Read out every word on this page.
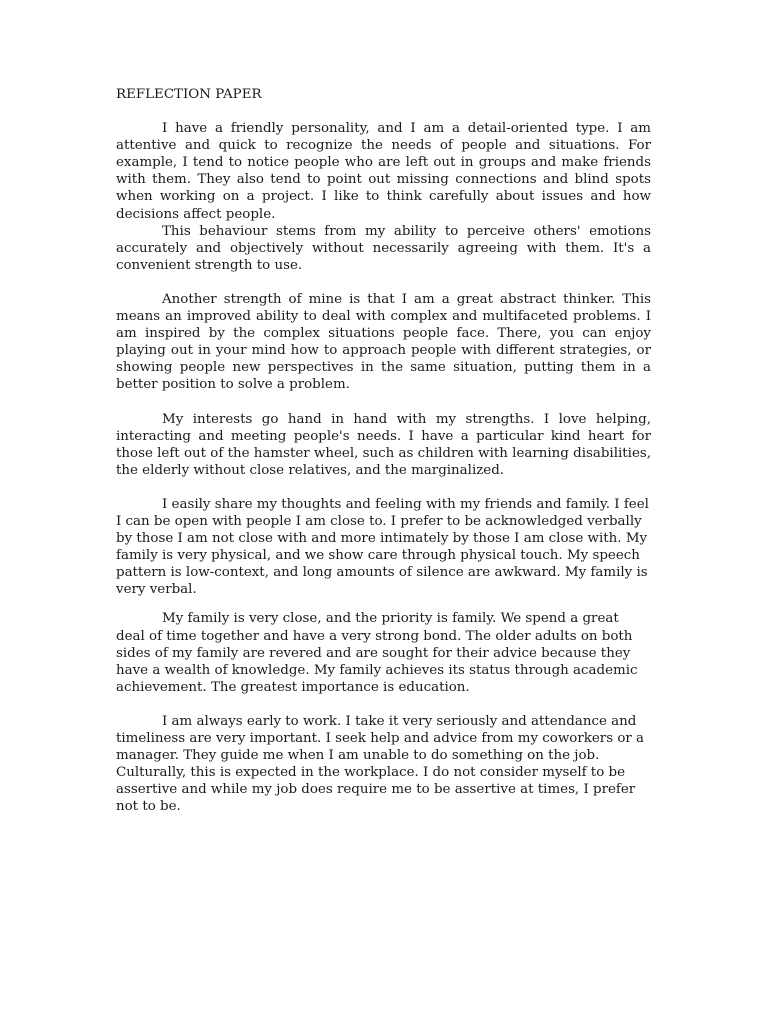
REFLECTION PAPER

I have a friendly personality, and I am a detail-oriented type. I am attentive and quick to recognize the needs of people and situations. For example, I tend to notice people who are left out in groups and make friends with them. They also tend to point out missing connections and blind spots when working on a project. I like to think carefully about issues and how decisions affect people.

This behaviour stems from my ability to perceive others' emotions accurately and objectively without necessarily agreeing with them. It's a convenient strength to use.

Another strength of mine is that I am a great abstract thinker. This means an improved ability to deal with complex and multifaceted problems. I am inspired by the complex situations people face. There, you can enjoy playing out in your mind how to approach people with different strategies, or showing people new perspectives in the same situation, putting them in a better position to solve a problem.

My interests go hand in hand with my strengths. I love helping, interacting and meeting people's needs. I have a particular kind heart for those left out of the hamster wheel, such as children with learning disabilities, the elderly without close relatives, and the marginalized.

I easily share my thoughts and feeling with my friends and family. I feel I can be open with people I am close to. I prefer to be acknowledged verbally by those I am not close with and more intimately by those I am close with. My family is very physical, and we show care through physical touch. My speech pattern is low-context, and long amounts of silence are awkward. My family is very verbal.

My family is very close, and the priority is family. We spend a great deal of time together and have a very strong bond. The older adults on both sides of my family are revered and are sought for their advice because they have a wealth of knowledge. My family achieves its status through academic achievement. The greatest importance is education.

I am always early to work. I take it very seriously and attendance and timeliness are very important. I seek help and advice from my coworkers or a manager. They guide me when I am unable to do something on the job. Culturally, this is expected in the workplace. I do not consider myself to be assertive and while my job does require me to be assertive at times, I prefer not to be.
